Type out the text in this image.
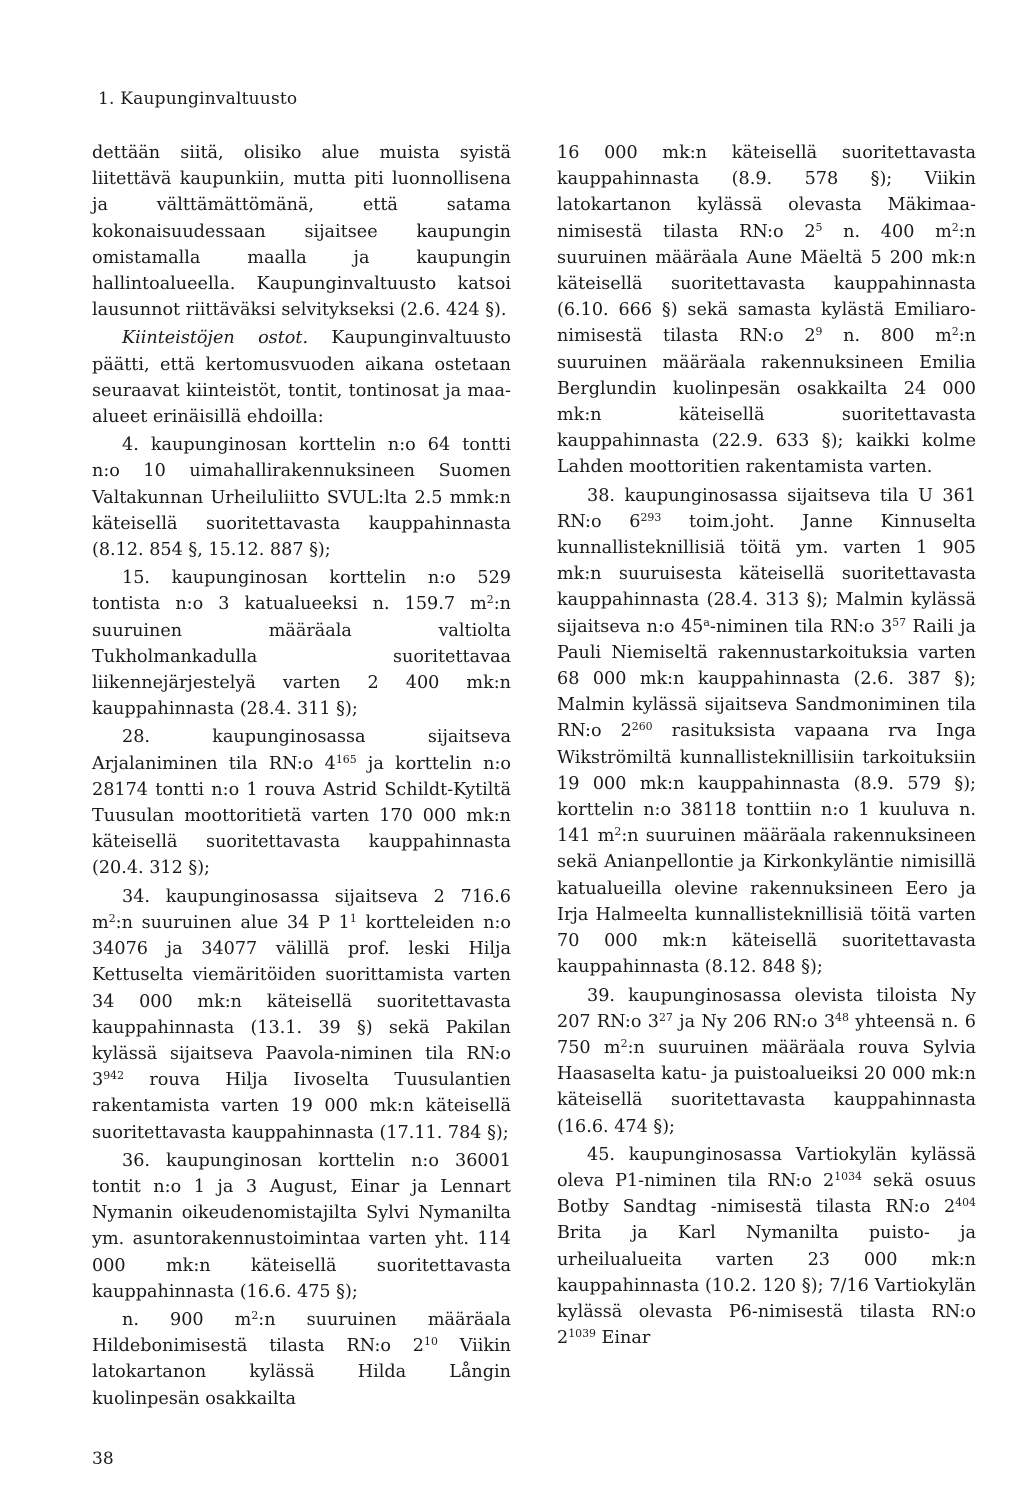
1. Kaupunginvaltuusto

dettään siitä, olisiko alue muista syistä liitettävä kaupunkiin, mutta piti luonnollisena ja välttämättömänä, että satama kokonaisuudessaan sijaitsee kaupungin omistamalla maalla ja kaupungin hallintoalueella. Kaupunginvaltuusto katsoi lausunnot riittäväksi selvitykseksi (2.6. 424 §).

Kiinteistöjen ostot. Kaupunginvaltuusto päätti, että kertomusvuoden aikana ostetaan seuraavat kiinteistöt, tontit, tontinosat ja maa-alueet erinäisillä ehdoilla:

4. kaupunginosan korttelin n:o 64 tontti n:o 10 uimahallirakennuksineen Suomen Valtakunnan Urheiluliitto SVUL:lta 2.5 mmk:n käteisellä suoritettavasta kauppahinnasta (8.12. 854 §, 15.12. 887 §);

15. kaupunginosan korttelin n:o 529 tontista n:o 3 katualueeksi n. 159.7 $m^2:n$ suuruinen määräala valtiolta Tukholmankadulla suoritettavaa liikennejärjestelyä varten 2 400 mk:n kauppahinnasta (28.4. 311 §);

28. kaupunginosassa sijaitseva Arjalaniminen tila RN:o $4^{165}$ ja korttelin n:o 28174 tontti n:o 1 rouva Astrid Schildt-Kytiltä Tuusulan moottoritietä varten 170 000 mk:n käteisellä suoritettavasta kauppahinnasta (20.4. 312 §);

34. kaupunginosassa sijaitseva 2 716.6 $m^2:n$ suuruinen alue 34 P $1^1$ kortteleiden n:o 34076 ja 34077 välillä prof. leski Hilja Kettuselta viemäritöiden suorittamista varten 34 000 mk:n käteisellä suoritettavasta kauppahinnasta (13.1. 39 §) sekä Pakilan kylässä sijaitseva Paavola-niminen tila RN:o $3^{942}$ rouva Hilja Iivoselta Tuusulantien rakentamista varten 19 000 mk:n käteisellä suoritettavasta kauppahinnasta (17.11. 784 §);

36. kaupunginosan korttelin n:o 36001 tontit n:o 1 ja 3 August, Einar ja Lennart Nymanin oikeudenomistajilta Sylvi Nymanilta ym. asuntorakennustoimintaa varten yht. 114 000 mk:n käteisellä suoritettavasta kauppahinnasta (16.6. 475 §);

n. 900 $m^2:n$ suuruinen määräala Hildebonimisestä tilasta RN:o $2^{10}$ Viikin latokartanon kylässä Hilda Långin kuolinpesän osakkailta

16 000 mk:n käteisellä suoritettavasta kauppahinnasta (8.9. 578 §); Viikin latokartanon kylässä olevasta Mäkimaa-nimisestä tilasta RN:o $2^5$ n. 400 $m^2:n$ suuruinen määräala Aune Mäeltä 5 200 mk:n käteisellä suoritettavasta kauppahinnasta (6.10. 666 §) sekä samasta kylästä Emiliaro-nimisestä tilasta RN:o $2^9$ n. 800 $m^2:n$ suuruinen määräala rakennuksineen Emilia Berglundin kuolinpesän osakkailta 24 000 mk:n käteisellä suoritettavasta kauppahinnasta (22.9. 633 §); kaikki kolme Lahden moottoritien rakentamista varten.

38. kaupunginosassa sijaitseva tila U 361 RN:o $6^{293}$ toim.joht. Janne Kinnuselta kunnallisteknillisiä töitä ym. varten 1 905 mk:n suuruisesta käteisellä suoritettavasta kauppahinnasta (28.4. 313 §); Malmin kylässä sijaitseva n:o 45$^a$-niminen tila RN:o $3^{57}$ Raili ja Pauli Niemiseltä rakennustarkoituksia varten 68 000 mk:n kauppahinnasta (2.6. 387 §); Malmin kylässä sijaitseva Sandmoniminen tila RN:o $2^{260}$ rasituksista vapaana rva Inga Wikströmiltä kunnallisteknillisiin tarkoituksiin 19 000 mk:n kauppahinnasta (8.9. 579 §); korttelin n:o 38118 tonttiin n:o 1 kuuluva n. 141 $m^2:n$ suuruinen määräala rakennuksineen sekä Anianpellontie ja Kirkonkyläntie nimisillä katualueilla olevine rakennuksineen Eero ja Irja Halmeelta kunnallisteknillisiä töitä varten 70 000 mk:n käteisellä suoritettavasta kauppahinnasta (8.12. 848 §);

39. kaupunginosassa olevista tiloista Ny 207 RN:o $3^{27}$ ja Ny 206 RN:o $3^{48}$ yhteensä n. 6 750 $m^2:n$ suuruinen määräala rouva Sylvia Haasaselta katu- ja puistoalueiksi 20 000 mk:n käteisellä suoritettavasta kauppahinnasta (16.6. 474 §);

45. kaupunginosassa Vartiokylän kylässä oleva P1-niminen tila RN:o $2^{1034}$ sekä osuus Botby Sandtag -nimisestä tilasta RN:o $2^{404}$ Brita ja Karl Nymanilta puisto- ja urheilualueita varten 23 000 mk:n kauppahinnasta (10.2. 120 §); 7/16 Vartiokylän kylässä olevasta P6-nimisestä tilasta RN:o $2^{1039}$ Einar

38
